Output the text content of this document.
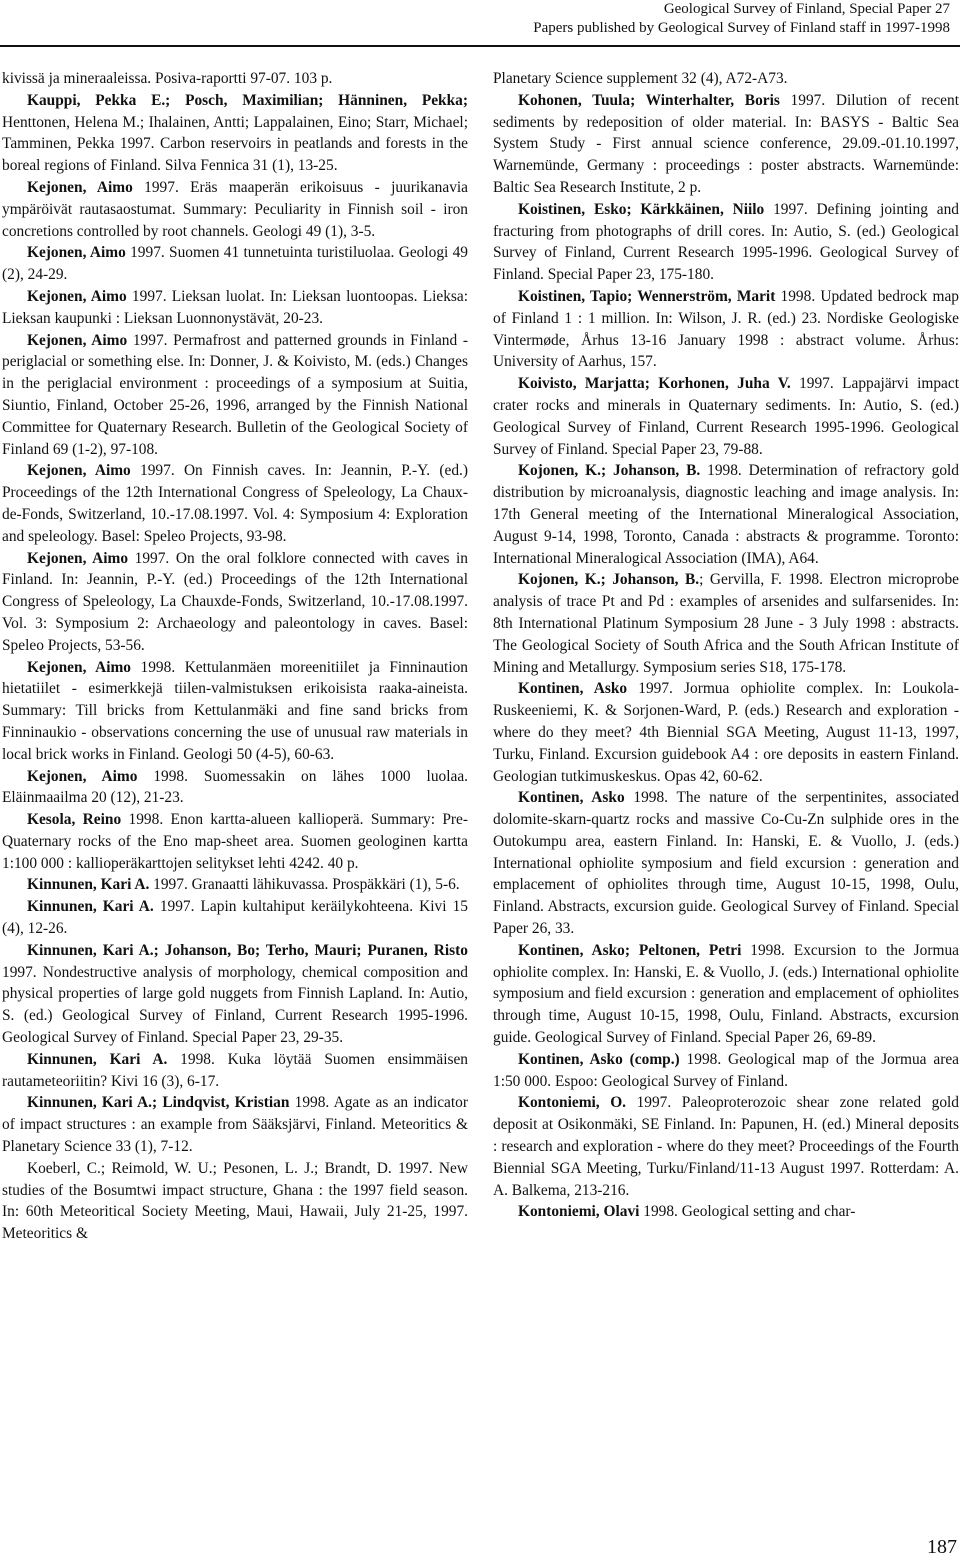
Geological Survey of Finland, Special Paper 27
Papers published by Geological Survey of Finland staff in 1997-1998
kivissä ja mineraaleissa. Posiva-raportti 97-07. 103 p.
Kauppi, Pekka E.; Posch, Maximilian; Hänninen, Pekka; Henttonen, Helena M.; Ihalainen, Antti; Lappalainen, Eino; Starr, Michael; Tamminen, Pekka 1997. Carbon reservoirs in peatlands and forests in the boreal regions of Finland. Silva Fennica 31 (1), 13-25.
Kejonen, Aimo 1997. Eräs maaperän erikoisuus - juurikanavia ympäröivät rautasaostumat. Summary: Peculiarity in Finnish soil - iron concretions controlled by root channels. Geologi 49 (1), 3-5.
Kejonen, Aimo 1997. Suomen 41 tunnetuinta turistiluolaa. Geologi 49 (2), 24-29.
Kejonen, Aimo 1997. Lieksan luolat. In: Lieksan luontoopas. Lieksa: Lieksan kaupunki : Lieksan Luonnonystävät, 20-23.
Kejonen, Aimo 1997. Permafrost and patterned grounds in Finland - periglacial or something else. In: Donner, J. & Koivisto, M. (eds.) Changes in the periglacial environment : proceedings of a symposium at Suitia, Siuntio, Finland, October 25-26, 1996, arranged by the Finnish National Committee for Quaternary Research. Bulletin of the Geological Society of Finland 69 (1-2), 97-108.
Kejonen, Aimo 1997. On Finnish caves. In: Jeannin, P.-Y. (ed.) Proceedings of the 12th International Congress of Speleology, La Chaux-de-Fonds, Switzerland, 10.-17.08.1997. Vol. 4: Symposium 4: Exploration and speleology. Basel: Speleo Projects, 93-98.
Kejonen, Aimo 1997. On the oral folklore connected with caves in Finland. In: Jeannin, P.-Y. (ed.) Proceedings of the 12th International Congress of Speleology, La Chauxde-Fonds, Switzerland, 10.-17.08.1997. Vol. 3: Symposium 2: Archaeology and paleontology in caves. Basel: Speleo Projects, 53-56.
Kejonen, Aimo 1998. Kettulanmäen moreenitiilet ja Finninaution hietatiilet - esimerkkejä tiilen-valmistuksen erikoisista raaka-aineista. Summary: Till bricks from Kettulanmäki and fine sand bricks from Finninaukio - observations concerning the use of unusual raw materials in local brick works in Finland. Geologi 50 (4-5), 60-63.
Kejonen, Aimo 1998. Suomessakin on lähes 1000 luolaa. Eläinmaailma 20 (12), 21-23.
Kesola, Reino 1998. Enon kartta-alueen kallioperä. Summary: Pre-Quaternary rocks of the Eno map-sheet area. Suomen geologinen kartta 1:100 000 : kallioperäkarttojen selitykset lehti 4242. 40 p.
Kinnunen, Kari A. 1997. Granaatti lähikuvassa. Prospäkkäri (1), 5-6.
Kinnunen, Kari A. 1997. Lapin kultahiput keräilykohteena. Kivi 15 (4), 12-26.
Kinnunen, Kari A.; Johanson, Bo; Terho, Mauri; Puranen, Risto 1997. Nondestructive analysis of morphology, chemical composition and physical properties of large gold nuggets from Finnish Lapland. In: Autio, S. (ed.) Geological Survey of Finland, Current Research 1995-1996. Geological Survey of Finland. Special Paper 23, 29-35.
Kinnunen, Kari A. 1998. Kuka löytää Suomen ensimmäisen rautameteoriitin? Kivi 16 (3), 6-17.
Kinnunen, Kari A.; Lindqvist, Kristian 1998. Agate as an indicator of impact structures : an example from Sääksjärvi, Finland. Meteoritics & Planetary Science 33 (1), 7-12.
Koeberl, C.; Reimold, W. U.; Pesonen, L. J.; Brandt, D. 1997. New studies of the Bosumtwi impact structure, Ghana : the 1997 field season. In: 60th Meteoritical Society Meeting, Maui, Hawaii, July 21-25, 1997. Meteoritics &
Planetary Science supplement 32 (4), A72-A73.
Kohonen, Tuula; Winterhalter, Boris 1997. Dilution of recent sediments by redeposition of older material. In: BASYS - Baltic Sea System Study - First annual science conference, 29.09.-01.10.1997, Warnemünde, Germany : proceedings : poster abstracts. Warnemünde: Baltic Sea Research Institute, 2 p.
Koistinen, Esko; Kärkkäinen, Niilo 1997. Defining jointing and fracturing from photographs of drill cores. In: Autio, S. (ed.) Geological Survey of Finland, Current Research 1995-1996. Geological Survey of Finland. Special Paper 23, 175-180.
Koistinen, Tapio; Wennerström, Marit 1998. Updated bedrock map of Finland 1 : 1 million. In: Wilson, J. R. (ed.) 23. Nordiske Geologiske Vintermøde, Århus 13-16 January 1998 : abstract volume. Århus: University of Aarhus, 157.
Koivisto, Marjatta; Korhonen, Juha V. 1997. Lappajärvi impact crater rocks and minerals in Quaternary sediments. In: Autio, S. (ed.) Geological Survey of Finland, Current Research 1995-1996. Geological Survey of Finland. Special Paper 23, 79-88.
Kojonen, K.; Johanson, B. 1998. Determination of refractory gold distribution by microanalysis, diagnostic leaching and image analysis. In: 17th General meeting of the International Mineralogical Association, August 9-14, 1998, Toronto, Canada : abstracts & programme. Toronto: International Mineralogical Association (IMA), A64.
Kojonen, K.; Johanson, B.; Gervilla, F. 1998. Electron microprobe analysis of trace Pt and Pd : examples of arsenides and sulfarsenides. In: 8th International Platinum Symposium 28 June - 3 July 1998 : abstracts. The Geological Society of South Africa and the South African Institute of Mining and Metallurgy. Symposium series S18, 175-178.
Kontinen, Asko 1997. Jormua ophiolite complex. In: Loukola-Ruskeeniemi, K. & Sorjonen-Ward, P. (eds.) Research and exploration - where do they meet? 4th Biennial SGA Meeting, August 11-13, 1997, Turku, Finland. Excursion guidebook A4 : ore deposits in eastern Finland. Geologian tutkimuskeskus. Opas 42, 60-62.
Kontinen, Asko 1998. The nature of the serpentinites, associated dolomite-skarn-quartz rocks and massive Co-Cu-Zn sulphide ores in the Outokumpu area, eastern Finland. In: Hanski, E. & Vuollo, J. (eds.) International ophiolite symposium and field excursion : generation and emplacement of ophiolites through time, August 10-15, 1998, Oulu, Finland. Abstracts, excursion guide. Geological Survey of Finland. Special Paper 26, 33.
Kontinen, Asko; Peltonen, Petri 1998. Excursion to the Jormua ophiolite complex. In: Hanski, E. & Vuollo, J. (eds.) International ophiolite symposium and field excursion : generation and emplacement of ophiolites through time, August 10-15, 1998, Oulu, Finland. Abstracts, excursion guide. Geological Survey of Finland. Special Paper 26, 69-89.
Kontinen, Asko (comp.) 1998. Geological map of the Jormua area 1:50 000. Espoo: Geological Survey of Finland.
Kontoniemi, O. 1997. Paleoproterozoic shear zone related gold deposit at Osikonmäki, SE Finland. In: Papunen, H. (ed.) Mineral deposits : research and exploration - where do they meet? Proceedings of the Fourth Biennial SGA Meeting, Turku/Finland/11-13 August 1997. Rotterdam: A. A. Balkema, 213-216.
Kontoniemi, Olavi 1998. Geological setting and char-
187
